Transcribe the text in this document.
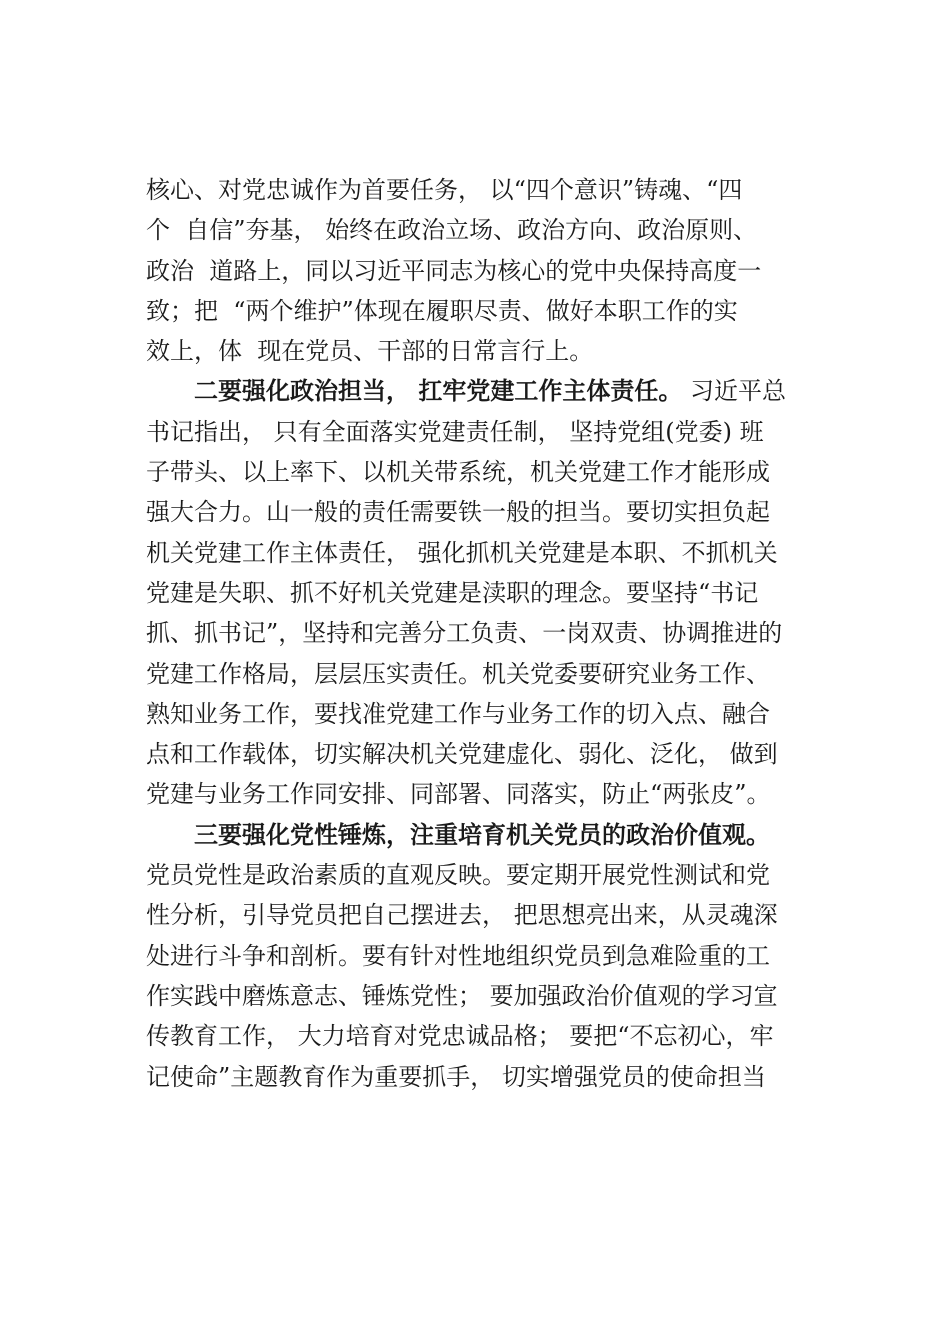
核心、对党忠诚作为首要任务， 以“四个意识”铸魂、“四
个  自信”夯基， 始终在政治立场、政治方向、政治原则、
政治  道路上，同以习近平同志为核心的党中央保持高度一
致；把  “两个维护”体现在履职尽责、做好本职工作的实
效上，体  现在党员、干部的日常言行上。
　　二要强化政治担当， 扛牢党建工作主体责任。 习近平总
书记指出， 只有全面落实党建责任制， 坚持党组(党委) 班
子带头、以上率下、以机关带系统，机关党建工作才能形成
强大合力。山一般的责任需要铁一般的担当。要切实担负起
机关党建工作主体责任， 强化抓机关党建是本职、不抓机关
党建是失职、抓不好机关党建是渎职的理念。要坚持“书记
抓、抓书记”，坚持和完善分工负责、一岗双责、协调推进的
党建工作格局，层层压实责任。机关党委要研究业务工作、
熟知业务工作，要找准党建工作与业务工作的切入点、融合
点和工作载体，切实解决机关党建虚化、弱化、泛化， 做到
党建与业务工作同安排、同部署、同落实，防止“两张皮”。
　　三要强化党性锤炼，注重培育机关党员的政治价值观。
党员党性是政治素质的直观反映。要定期开展党性测试和党
性分析，引导党员把自己摆进去， 把思想亮出来，从灵魂深
处进行斗争和剖析。要有针对性地组织党员到急难险重的工
作实践中磨炼意志、锤炼党性； 要加强政治价值观的学习宣
传教育工作， 大力培育对党忠诚品格； 要把“不忘初心，牢
记使命”主题教育作为重要抓手， 切实增强党员的使命担当
